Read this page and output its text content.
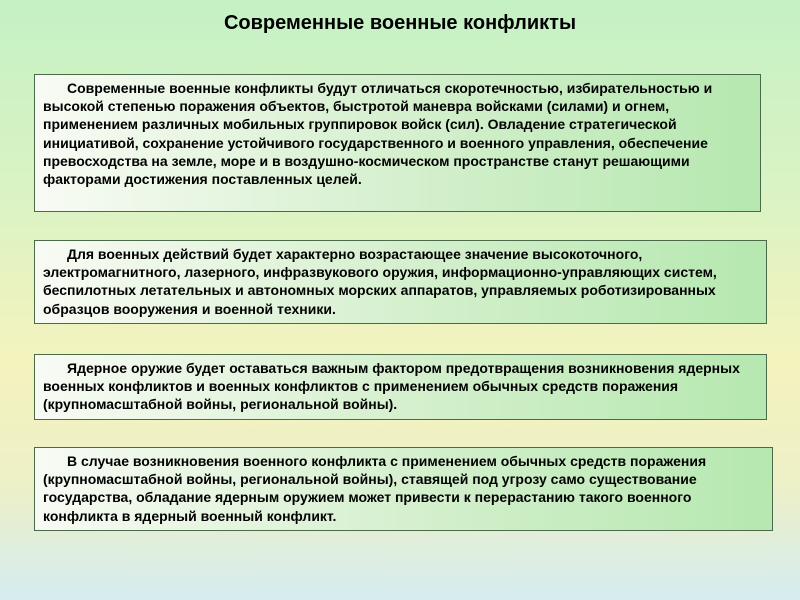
Современные военные конфликты
Современные военные конфликты будут отличаться скоротечностью, избирательностью и высокой степенью поражения объектов, быстротой маневра войсками (силами) и огнем, применением различных мобильных группировок войск (сил). Овладение стратегической инициативой, сохранение устойчивого государственного и военного управления, обеспечение превосходства на земле, море и в воздушно-космическом пространстве станут решающими факторами достижения поставленных целей.
Для военных действий будет характерно возрастающее значение высокоточного, электромагнитного, лазерного, инфразвукового оружия, информационно-управляющих систем, беспилотных летательных и автономных морских аппаратов, управляемых роботизированных образцов вооружения и военной техники.
Ядерное оружие будет оставаться важным фактором предотвращения возникновения ядерных военных конфликтов и военных конфликтов с применением обычных средств поражения (крупномасштабной войны, региональной войны).
В случае возникновения военного конфликта с применением обычных средств поражения (крупномасштабной войны, региональной войны), ставящей под угрозу само существование государства, обладание ядерным оружием может привести к перерастанию такого военного конфликта в ядерный военный конфликт.
